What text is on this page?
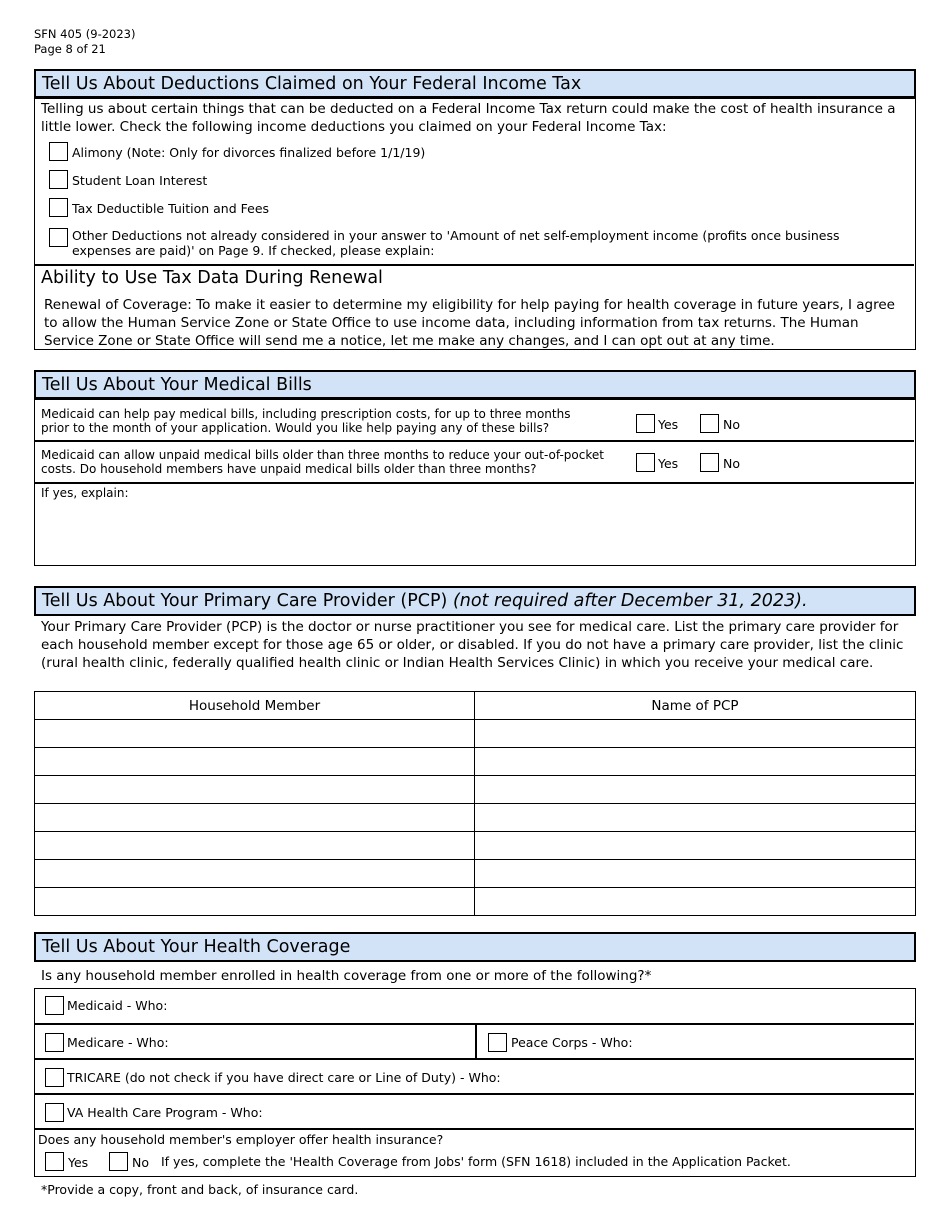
SFN 405 (9-2023)
Page 8 of 21
Tell Us About Deductions Claimed on Your Federal Income Tax
Telling us about certain things that can be deducted on a Federal Income Tax return could make the cost of health insurance a little lower. Check the following income deductions you claimed on your Federal Income Tax:
Alimony (Note: Only for divorces finalized before 1/1/19)
Student Loan Interest
Tax Deductible Tuition and Fees
Other Deductions not already considered in your answer to 'Amount of net self-employment income (profits once business expenses are paid)' on Page 9. If checked, please explain:
Ability to Use Tax Data During Renewal
Renewal of Coverage: To make it easier to determine my eligibility for help paying for health coverage in future years, I agree to allow the Human Service Zone or State Office to use income data, including information from tax returns. The Human Service Zone or State Office will send me a notice, let me make any changes, and I can opt out at any time.
Tell Us About Your Medical Bills
Medicaid can help pay medical bills, including prescription costs, for up to three months prior to the month of your application. Would you like help paying any of these bills?	Yes	No
Medicaid can allow unpaid medical bills older than three months to reduce your out-of-pocket costs. Do household members have unpaid medical bills older than three months?	Yes	No
If yes, explain:
Tell Us About Your Primary Care Provider (PCP) (not required after December 31, 2023).
Your Primary Care Provider (PCP) is the doctor or nurse practitioner you see for medical care. List the primary care provider for each household member except for those age 65 or older, or disabled. If you do not have a primary care provider, list the clinic (rural health clinic, federally qualified health clinic or Indian Health Services Clinic) in which you receive your medical care.
Household Member	Name of PCP

Tell Us About Your Health Coverage
Is any household member enrolled in health coverage from one or more of the following?*
Medicaid - Who:
Medicare - Who:	Peace Corps - Who:
TRICARE (do not check if you have direct care or Line of Duty) - Who:
VA Health Care Program - Who:
Does any household member's employer offer health insurance?
Yes	No If yes, complete the 'Health Coverage from Jobs' form (SFN 1618) included in the Application Packet.
*Provide a copy, front and back, of insurance card.
